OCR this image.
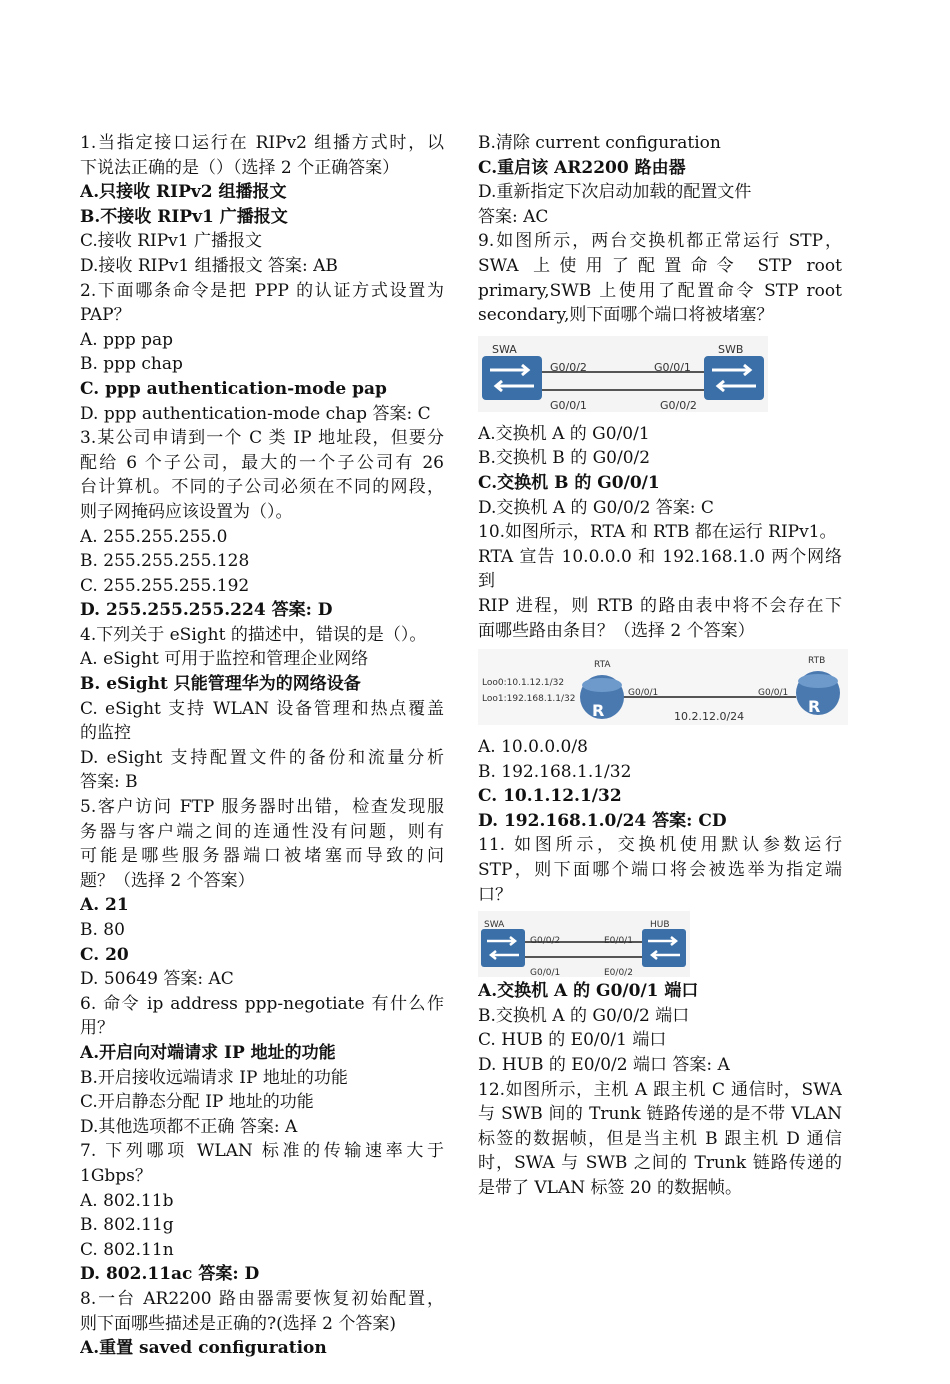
1.当指定接口运行在 RIPv2 组播方式时，以
下说法正确的是（）（选择 2 个正确答案）
A.只接收 RIPv2 组播报文
B.不接收 RIPv1 广播报文
C.接收 RIPv1 广播报文
D.接收 RIPv1 组播报文 答案: AB
2.下面哪条命令是把 PPP 的认证方式设置为
PAP？
A. ppp pap
B. ppp chap
C. ppp authentication-mode pap
D. ppp authentication-mode chap 答案: C
3.某公司申请到一个 C 类 IP 地址段，但要分
配给 6 个子公司，最大的一个子公司有 26
台计算机。不同的子公司必须在不同的网段，
则子网掩码应该设置为（）。
A. 255.255.255.0
B. 255.255.255.128
C. 255.255.255.192
D. 255.255.255.224 答案: D
4.下列关于 eSight 的描述中，错误的是（）。
A. eSight 可用于监控和管理企业网络
B. eSight 只能管理华为的网络设备
C. eSight 支持 WLAN 设备管理和热点覆盖
的监控
D. eSight 支持配置文件的备份和流量分析
答案: B
5.客户访问 FTP 服务器时出错，检查发现服
务器与客户端之间的连通性没有问题，则有
可能是哪些服务器端口被堵塞而导致的问
题？（选择 2 个答案）
A. 21
B. 80
C. 20
D. 50649 答案: AC
6. 命令 ip address ppp-negotiate 有什么作
用？
A.开启向对端请求 IP 地址的功能
B.开启接收远端请求 IP 地址的功能
C.开启静态分配 IP 地址的功能
D.其他选项都不正确 答案: A
7. 下列哪项 WLAN 标准的传输速率大于
1Gbps？
A. 802.11b
B. 802.11g
C. 802.11n
D. 802.11ac 答案: D
8.一台 AR2200 路由器需要恢复初始配置，
则下面哪些描述是正确的?(选择 2 个答案)
A.重置 saved configuration
B.清除 current configuration
C.重启该 AR2200 路由器
D.重新指定下次启动加载的配置文件
答案: AC
9.如图所示，两台交换机都正常运行 STP，
SWA 上使用了配置命令 STP root
primary,SWB 上使用了配置命令 STP root
secondary,则下面哪个端口将被堵塞？
SWA	SWB
G0/0/2	G0/0/1
G0/0/1	G0/0/2
A.交换机 A 的 G0/0/1
B.交换机 B 的 G0/0/2
C.交换机 B 的 G0/0/1
D.交换机 A 的 G0/0/2 答案: C
10.如图所示，RTA 和 RTB 都在运行 RIPv1。
RTA 宣告 10.0.0.0 和 192.168.1.0 两个网络到
RIP 进程，则 RTB 的路由表中将不会存在下
面哪些路由条目？（选择 2 个答案）
R	R
Loo0:10.1.12.1/32
Loo1:192.168.1.1/32
RTA	RTB
G0/0/1	G0/0/1
10.2.12.0/24
A. 10.0.0.0/8
B. 192.168.1.1/32
C. 10.1.12.1/32
D. 192.168.1.0/24 答案: CD
11. 如图所示，交换机使用默认参数运行
STP，则下面哪个端口将会被选举为指定端
口？
SWA	HUB
G0/0/2	E0/0/1
G0/0/1	E0/0/2
A.交换机 A 的 G0/0/1 端口
B.交换机 A 的 G0/0/2 端口
C. HUB 的 E0/0/1 端口
D. HUB 的 E0/0/2 端口 答案: A
12.如图所示，主机 A 跟主机 C 通信时，SWA
与 SWB 间的 Trunk 链路传递的是不带 VLAN
标签的数据帧，但是当主机 B 跟主机 D 通信
时，SWA 与 SWB 之间的 Trunk 链路传递的
是带了 VLAN 标签 20 的数据帧。
